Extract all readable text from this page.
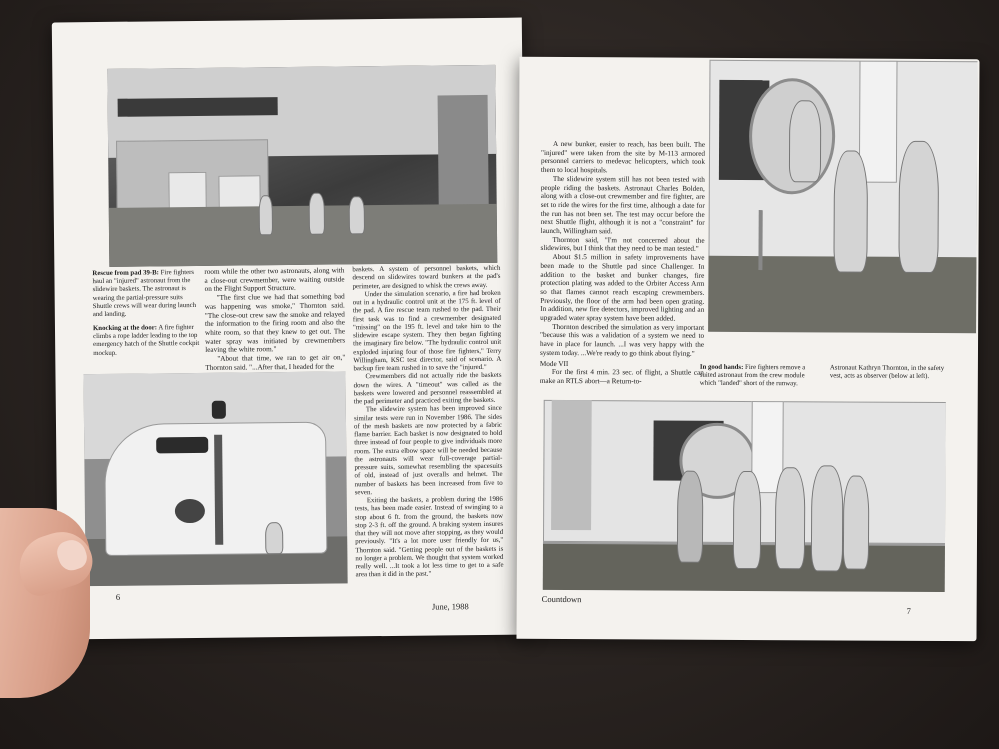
Rescue from pad 39-B: Fire fighters haul an "injured" astronaut from the slidewire baskets. The astronaut is wearing the partial-pressure suits Shuttle crews will wear during launch and landing.
Knocking at the door: A fire fighter climbs a rope ladder leading to the top emergency hatch of the Shuttle cockpit mockup.
room while the other two astronauts, along with a close-out crewmember, were waiting outside on the Flight Support Structure.
"The first clue we had that something bad was happening was smoke," Thornton said. "The close-out crew saw the smoke and relayed the information to the firing room and also the white room, so that they knew to get out. The water spray was initiated by crewmembers leaving the white room."
"About that time, we ran to get air on," Thornton said. "...After that, I headed for the
baskets. A system of personnel baskets, which descend on slidewires toward bunkers at the pad's perimeter, are designed to whisk the crews away.
Under the simulation scenario, a fire had broken out in a hydraulic control unit at the 175 ft. level of the pad. A fire rescue team rushed to the pad. Their first task was to find a crewmember designated "missing" on the 195 ft. level and take him to the slidewire escape system. They then began fighting the imaginary fire below. "The hydraulic control unit exploded injuring four of those fire fighters," Terry Willingham, KSC test director, said of scenario. A backup fire team rushed in to save the "injured."
Crewmembers did not actually ride the baskets down the wires. A "timeout" was called as the baskets were lowered and personnel reassembled at the pad perimeter and practiced exiting the baskets.
The slidewire system has been improved since similar tests were run in November 1986. The sides of the mesh baskets are now protected by a fabric flame barrier. Each basket is now designated to hold three instead of four people to give individuals more room. The extra elbow space will be needed because the astronauts will wear full-coverage partial-pressure suits, somewhat resembling the spacesuits of old, instead of just overalls and helmet. The number of baskets has been increased from five to seven.
Exiting the baskets, a problem during the 1986 tests, has been made easier. Instead of swinging to a stop about 6 ft. from the ground, the baskets now stop 2-3 ft. off the ground. A braking system insures that they will not move after stopping, as they would previously. "It's a lot more user friendly for us," Thornton said. "Getting people out of the baskets is no longer a problem. We thought that system worked really well. ...It took a lot less time to get to a safe area than it did in the past."
6
June, 1988
A new bunker, easier to reach, has been built. The "injured" were taken from the site by M-113 armored personnel carriers to medevac helicopters, which took them to local hospitals.
The slidewire system still has not been tested with people riding the baskets. Astronaut Charles Bolden, along with a close-out crewmember and fire fighter, are set to ride the wires for the first time, although a date for the run has not been set. The test may occur before the next Shuttle flight, although it is not a "constraint" for launch, Willingham said.
Thornton said, "I'm not concerned about the slidewires, but I think that they need to be man tested."
About $1.5 million in safety improvements have been made to the Shuttle pad since Challenger. In addition to the basket and bunker changes, fire protection plating was added to the Orbiter Access Arm so that flames cannot reach escaping crewmembers. Previously, the floor of the arm had been open grating. In addition, new fire detectors, improved lighting and an upgraded water spray system have been added.
Thornton described the simulation as very important "because this was a validation of a system we need to have in place for launch. ...I was very happy with the system today. ...We're ready to go think about flying."
Mode VII
For the first 4 min. 23 sec. of flight, a Shuttle can make an RTLS abort—a Return-to-
In good hands: Fire fighters remove a suited astronaut from the crew module which "landed" short of the runway.
Astronaut Kathryn Thornton, in the safety vest, acts as observer (below at left).
Countdown
7
